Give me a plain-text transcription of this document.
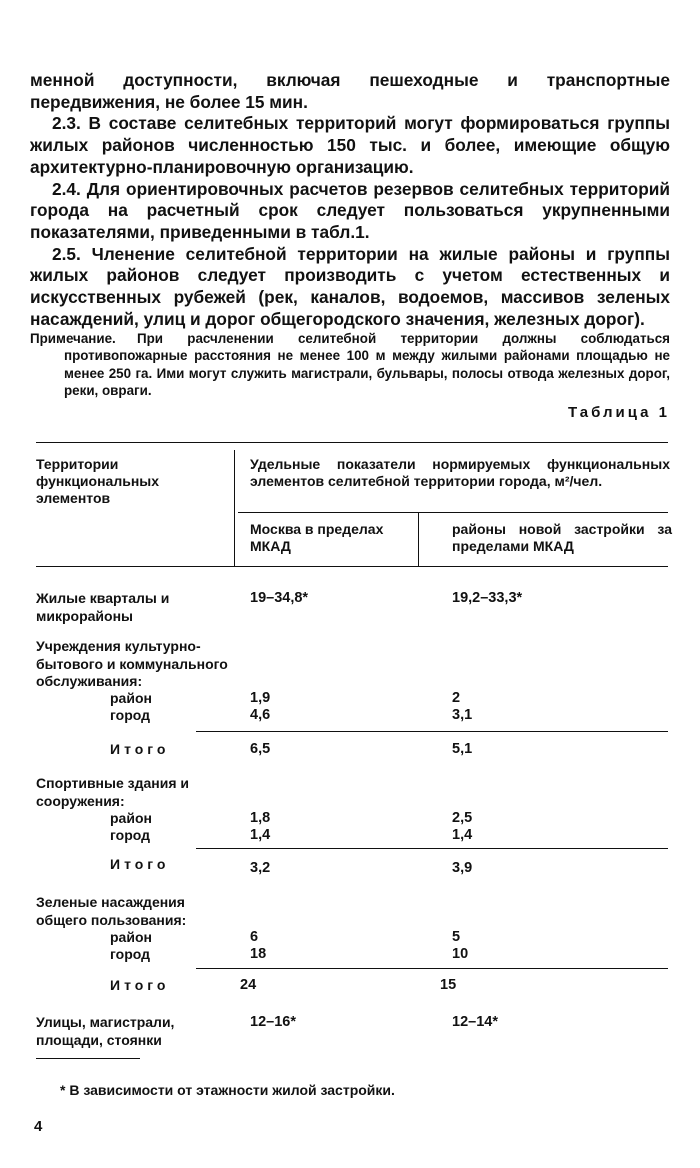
менной доступности, включая пешеходные и транспортные передвижения, не более 15 мин.

2.3. В составе селитебных территорий могут формироваться группы жилых районов численностью 150 тыс. и более, имеющие общую архитектурно-планировочную организацию.

2.4. Для ориентировочных расчетов резервов селитебных территорий города на расчетный срок следует пользоваться укрупненными показателями, приведенными в табл.1.

2.5. Членение селитебной территории на жилые районы и группы жилых районов следует производить с учетом естественных и искусственных рубежей (рек, каналов, водоемов, массивов зеленых насаждений, улиц и дорог общегородского значения, железных дорог).

Примечание.	При расчленении селитебной территории должны соблюдаться противопожарные расстояния не менее 100 м между жилыми районами площадью не менее 250 га. Ими могут служить магистрали, бульвары, полосы отвода железных дорог, реки, овраги.
Таблица 1
Территории функциональных элементов
Удельные показатели нормируемых функциональных элементов селитебной территории города, м²/чел.
Москва в пределах МКАД
районы новой застройки за пределами МКАД
Жилые кварталы и микрорайоны
19–34,8*	19,2–33,3*
Учреждения культурно-бытового и коммунального обслуживания:
район	1,9	2
город	4,6	3,1
Итого	6,5	5,1
Спортивные здания и сооружения:
район	1,8	2,5
город	1,4	1,4
Итого	3,2	3,9
Зеленые насаждения общего пользования:
район	6	5
город	18	10
Итого	24	15
Улицы, магистрали, площади, стоянки
12–16*	12–14*
* В зависимости от этажности жилой застройки.
4
